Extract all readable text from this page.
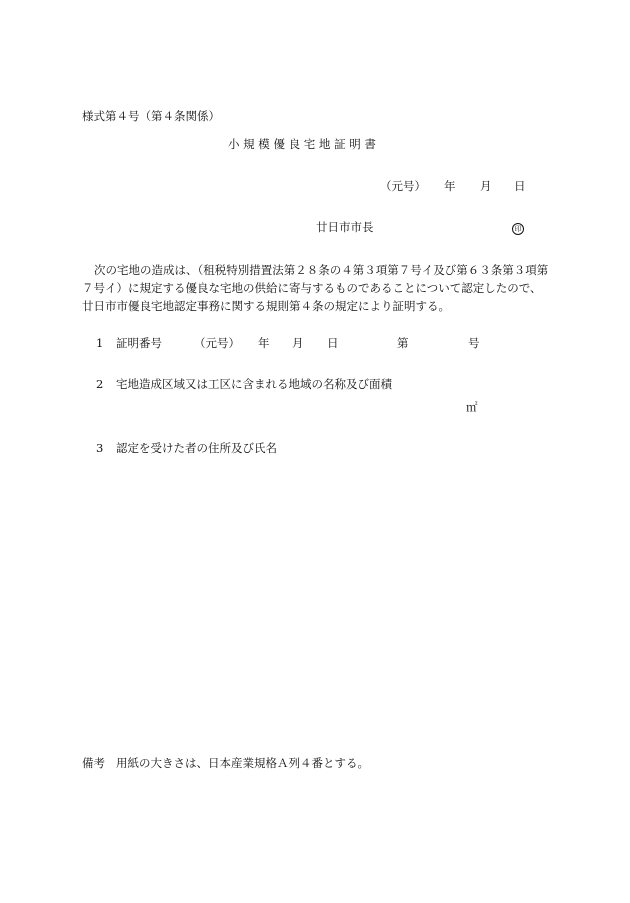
様式第４号（第４条関係）
小 規 模 優 良 宅 地 証 明 書
（元号） 年 月 日
廿日市市長	印
次の宅地の造成は、（租税特別措置法第２８条の４第３項第７号イ及び第６３条第３項第７号イ）に規定する優良な宅地の供給に寄与するものであることについて認定したので、廿日市市優良宅地認定事務に関する規則第４条の規定により証明する。
1 証明番号	（元号） 年 月 日	第	号
2 宅地造成区域又は工区に含まれる地域の名称及び面積
㎡
3 認定を受けた者の住所及び氏名
備考 用紙の大きさは、日本産業規格Ａ列４番とする。
